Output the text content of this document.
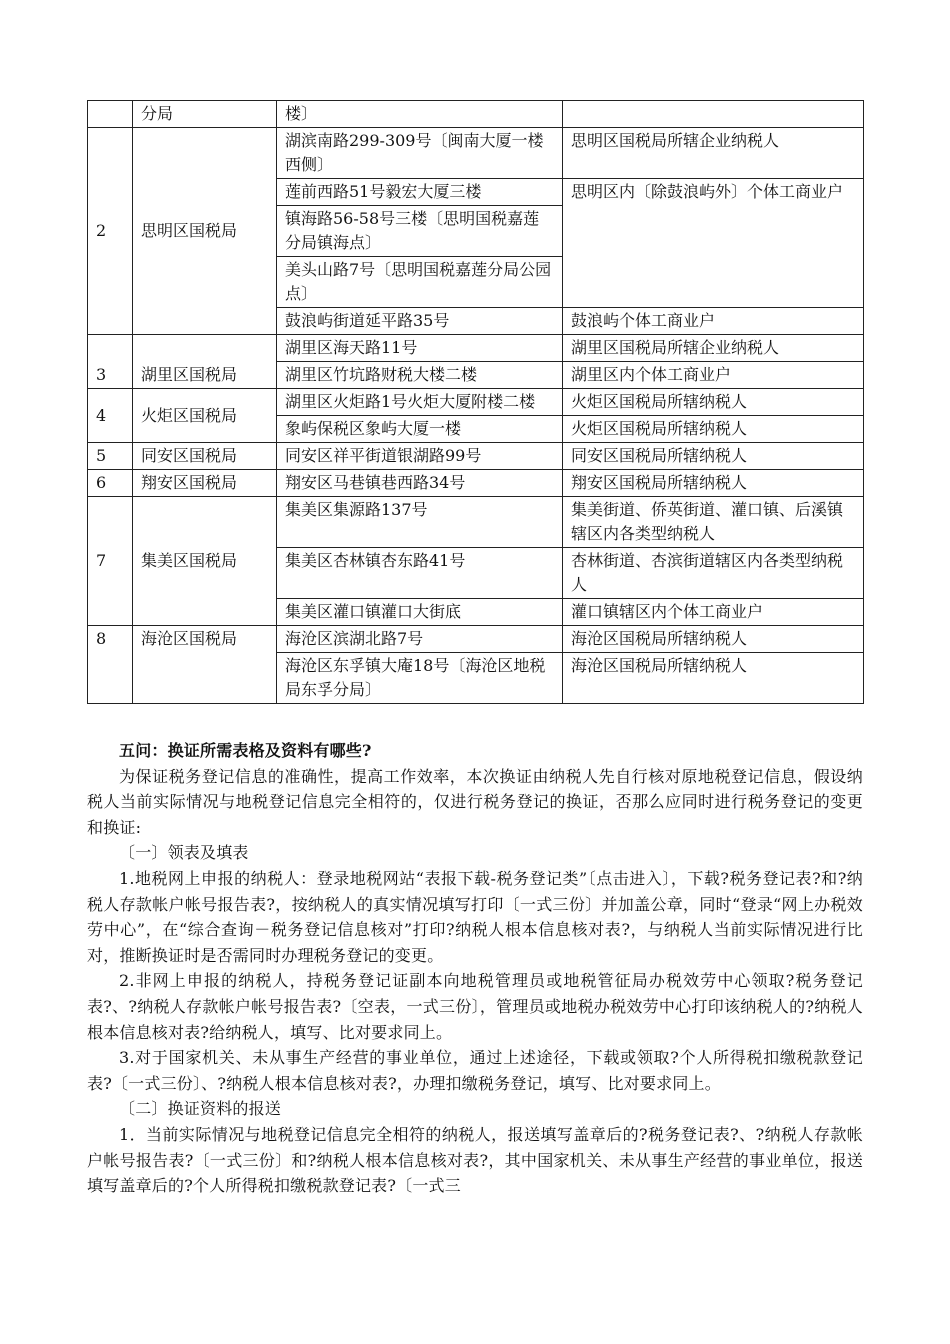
	分局	楼〕	
2	思明区国税局	湖滨南路299-309号〔闽南大厦一楼西侧〕	思明区国税局所辖企业纳税人
		莲前西路51号毅宏大厦三楼	思明区内〔除鼓浪屿外〕个体工商业户
		镇海路56-58号三楼〔思明国税嘉莲分局镇海点〕	
		美头山路7号〔思明国税嘉莲分局公园点〕	
		鼓浪屿街道延平路35号	鼓浪屿个体工商业户
3	湖里区国税局	湖里区海天路11号	湖里区国税局所辖企业纳税人
		湖里区竹坑路财税大楼二楼	湖里区内个体工商业户
4	火炬区国税局	湖里区火炬路1号火炬大厦附楼二楼	火炬区国税局所辖纳税人
		象屿保税区象屿大厦一楼	火炬区国税局所辖纳税人
5	同安区国税局	同安区祥平街道银湖路99号	同安区国税局所辖纳税人
6	翔安区国税局	翔安区马巷镇巷西路34号	翔安区国税局所辖纳税人
7	集美区国税局	集美区集源路137号	集美街道、侨英街道、灌口镇、后溪镇辖区内各类型纳税人
		集美区杏林镇杏东路41号	杏林街道、杏滨街道辖区内各类型纳税人
		集美区灌口镇灌口大街底	灌口镇辖区内个体工商业户
8	海沧区国税局	海沧区滨湖北路7号	海沧区国税局所辖纳税人
		海沧区东孚镇大庵18号〔海沧区地税局东孚分局〕	海沧区国税局所辖纳税人

五问：换证所需表格及资料有哪些?

为保证税务登记信息的准确性，提高工作效率，本次换证由纳税人先自行核对原地税登记信息，假设纳税人当前实际情况与地税登记信息完全相符的，仅进行税务登记的换证，否那么应同时进行税务登记的变更和换证:

〔一〕领表及填表

1.地税网上申报的纳税人：登录地税网站“表报下载-税务登记类”〔点击进入〕，下载?税务登记表?和?纳税人存款帐户帐号报告表?，按纳税人的真实情况填写打印〔一式三份〕并加盖公章，同时“登录“网上办税效劳中心”，在“综合查询－税务登记信息核对”打印?纳税人根本信息核对表?，与纳税人当前实际情况进行比对，推断换证时是否需同时办理税务登记的变更。

2.非网上申报的纳税人，持税务登记证副本向地税管理员或地税管征局办税效劳中心领取?税务登记表?、?纳税人存款帐户帐号报告表?〔空表，一式三份〕，管理员或地税办税效劳中心打印该纳税人的?纳税人根本信息核对表?给纳税人，填写、比对要求同上。

3.对于国家机关、未从事生产经营的事业单位，通过上述途径，下载或领取?个人所得税扣缴税款登记表?〔一式三份〕、?纳税人根本信息核对表?，办理扣缴税务登记，填写、比对要求同上。

〔二〕换证资料的报送

1．当前实际情况与地税登记信息完全相符的纳税人，报送填写盖章后的?税务登记表?、?纳税人存款帐户帐号报告表?〔一式三份〕和?纳税人根本信息核对表?，其中国家机关、未从事生产经营的事业单位，报送填写盖章后的?个人所得税扣缴税款登记表?〔一式三
